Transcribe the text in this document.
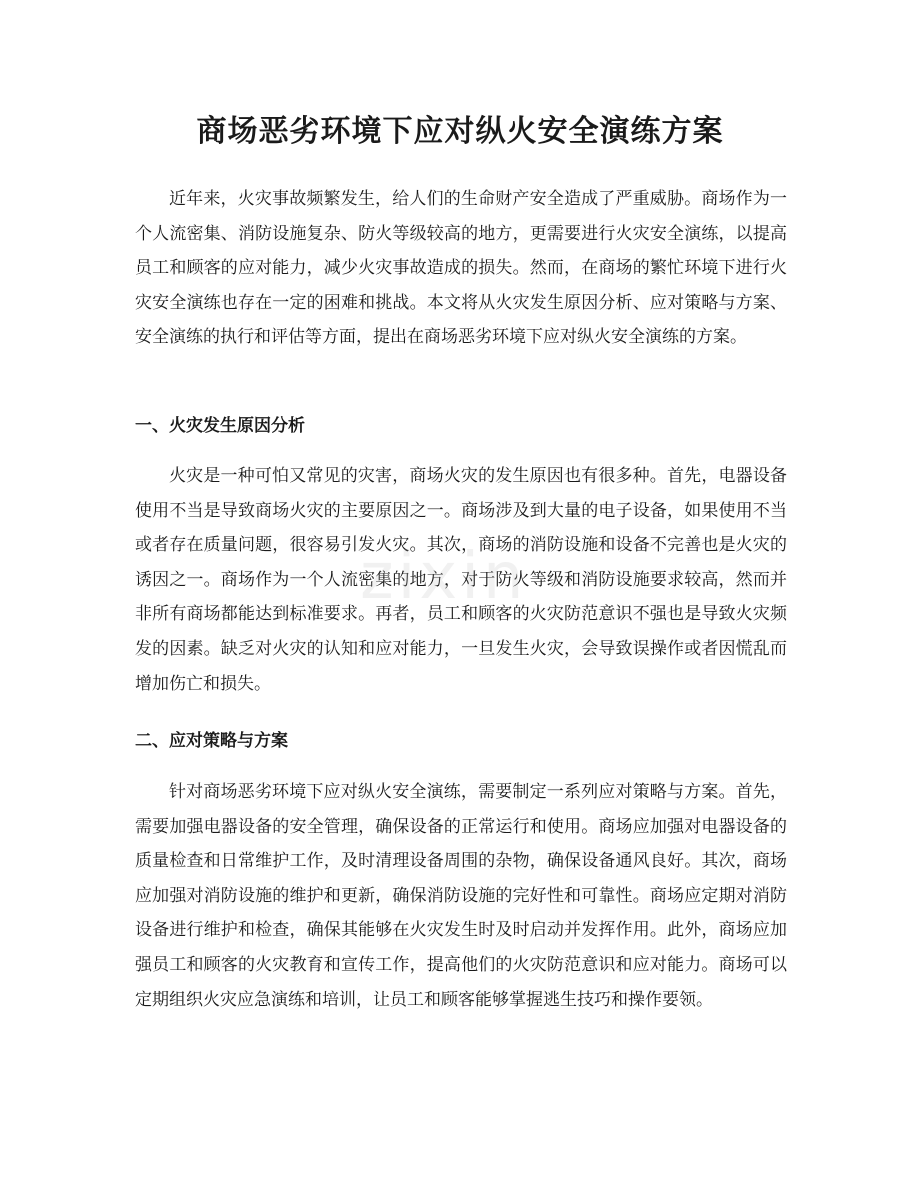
商场恶劣环境下应对纵火安全演练方案

近年来，火灾事故频繁发生，给人们的生命财产安全造成了严重威胁。商场作为一个人流密集、消防设施复杂、防火等级较高的地方，更需要进行火灾安全演练，以提高员工和顾客的应对能力，减少火灾事故造成的损失。然而，在商场的繁忙环境下进行火灾安全演练也存在一定的困难和挑战。本文将从火灾发生原因分析、应对策略与方案、安全演练的执行和评估等方面，提出在商场恶劣环境下应对纵火安全演练的方案。

一、火灾发生原因分析

火灾是一种可怕又常见的灾害，商场火灾的发生原因也有很多种。首先，电器设备使用不当是导致商场火灾的主要原因之一。商场涉及到大量的电子设备，如果使用不当或者存在质量问题，很容易引发火灾。其次，商场的消防设施和设备不完善也是火灾的诱因之一。商场作为一个人流密集的地方，对于防火等级和消防设施要求较高，然而并非所有商场都能达到标准要求。再者，员工和顾客的火灾防范意识不强也是导致火灾频发的因素。缺乏对火灾的认知和应对能力，一旦发生火灾，会导致误操作或者因慌乱而增加伤亡和损失。

二、应对策略与方案

针对商场恶劣环境下应对纵火安全演练，需要制定一系列应对策略与方案。首先，需要加强电器设备的安全管理，确保设备的正常运行和使用。商场应加强对电器设备的质量检查和日常维护工作，及时清理设备周围的杂物，确保设备通风良好。其次，商场应加强对消防设施的维护和更新，确保消防设施的完好性和可靠性。商场应定期对消防设备进行维护和检查，确保其能够在火灾发生时及时启动并发挥作用。此外，商场应加强员工和顾客的火灾教育和宣传工作，提高他们的火灾防范意识和应对能力。商场可以定期组织火灾应急演练和培训，让员工和顾客能够掌握逃生技巧和操作要领。

zixin
